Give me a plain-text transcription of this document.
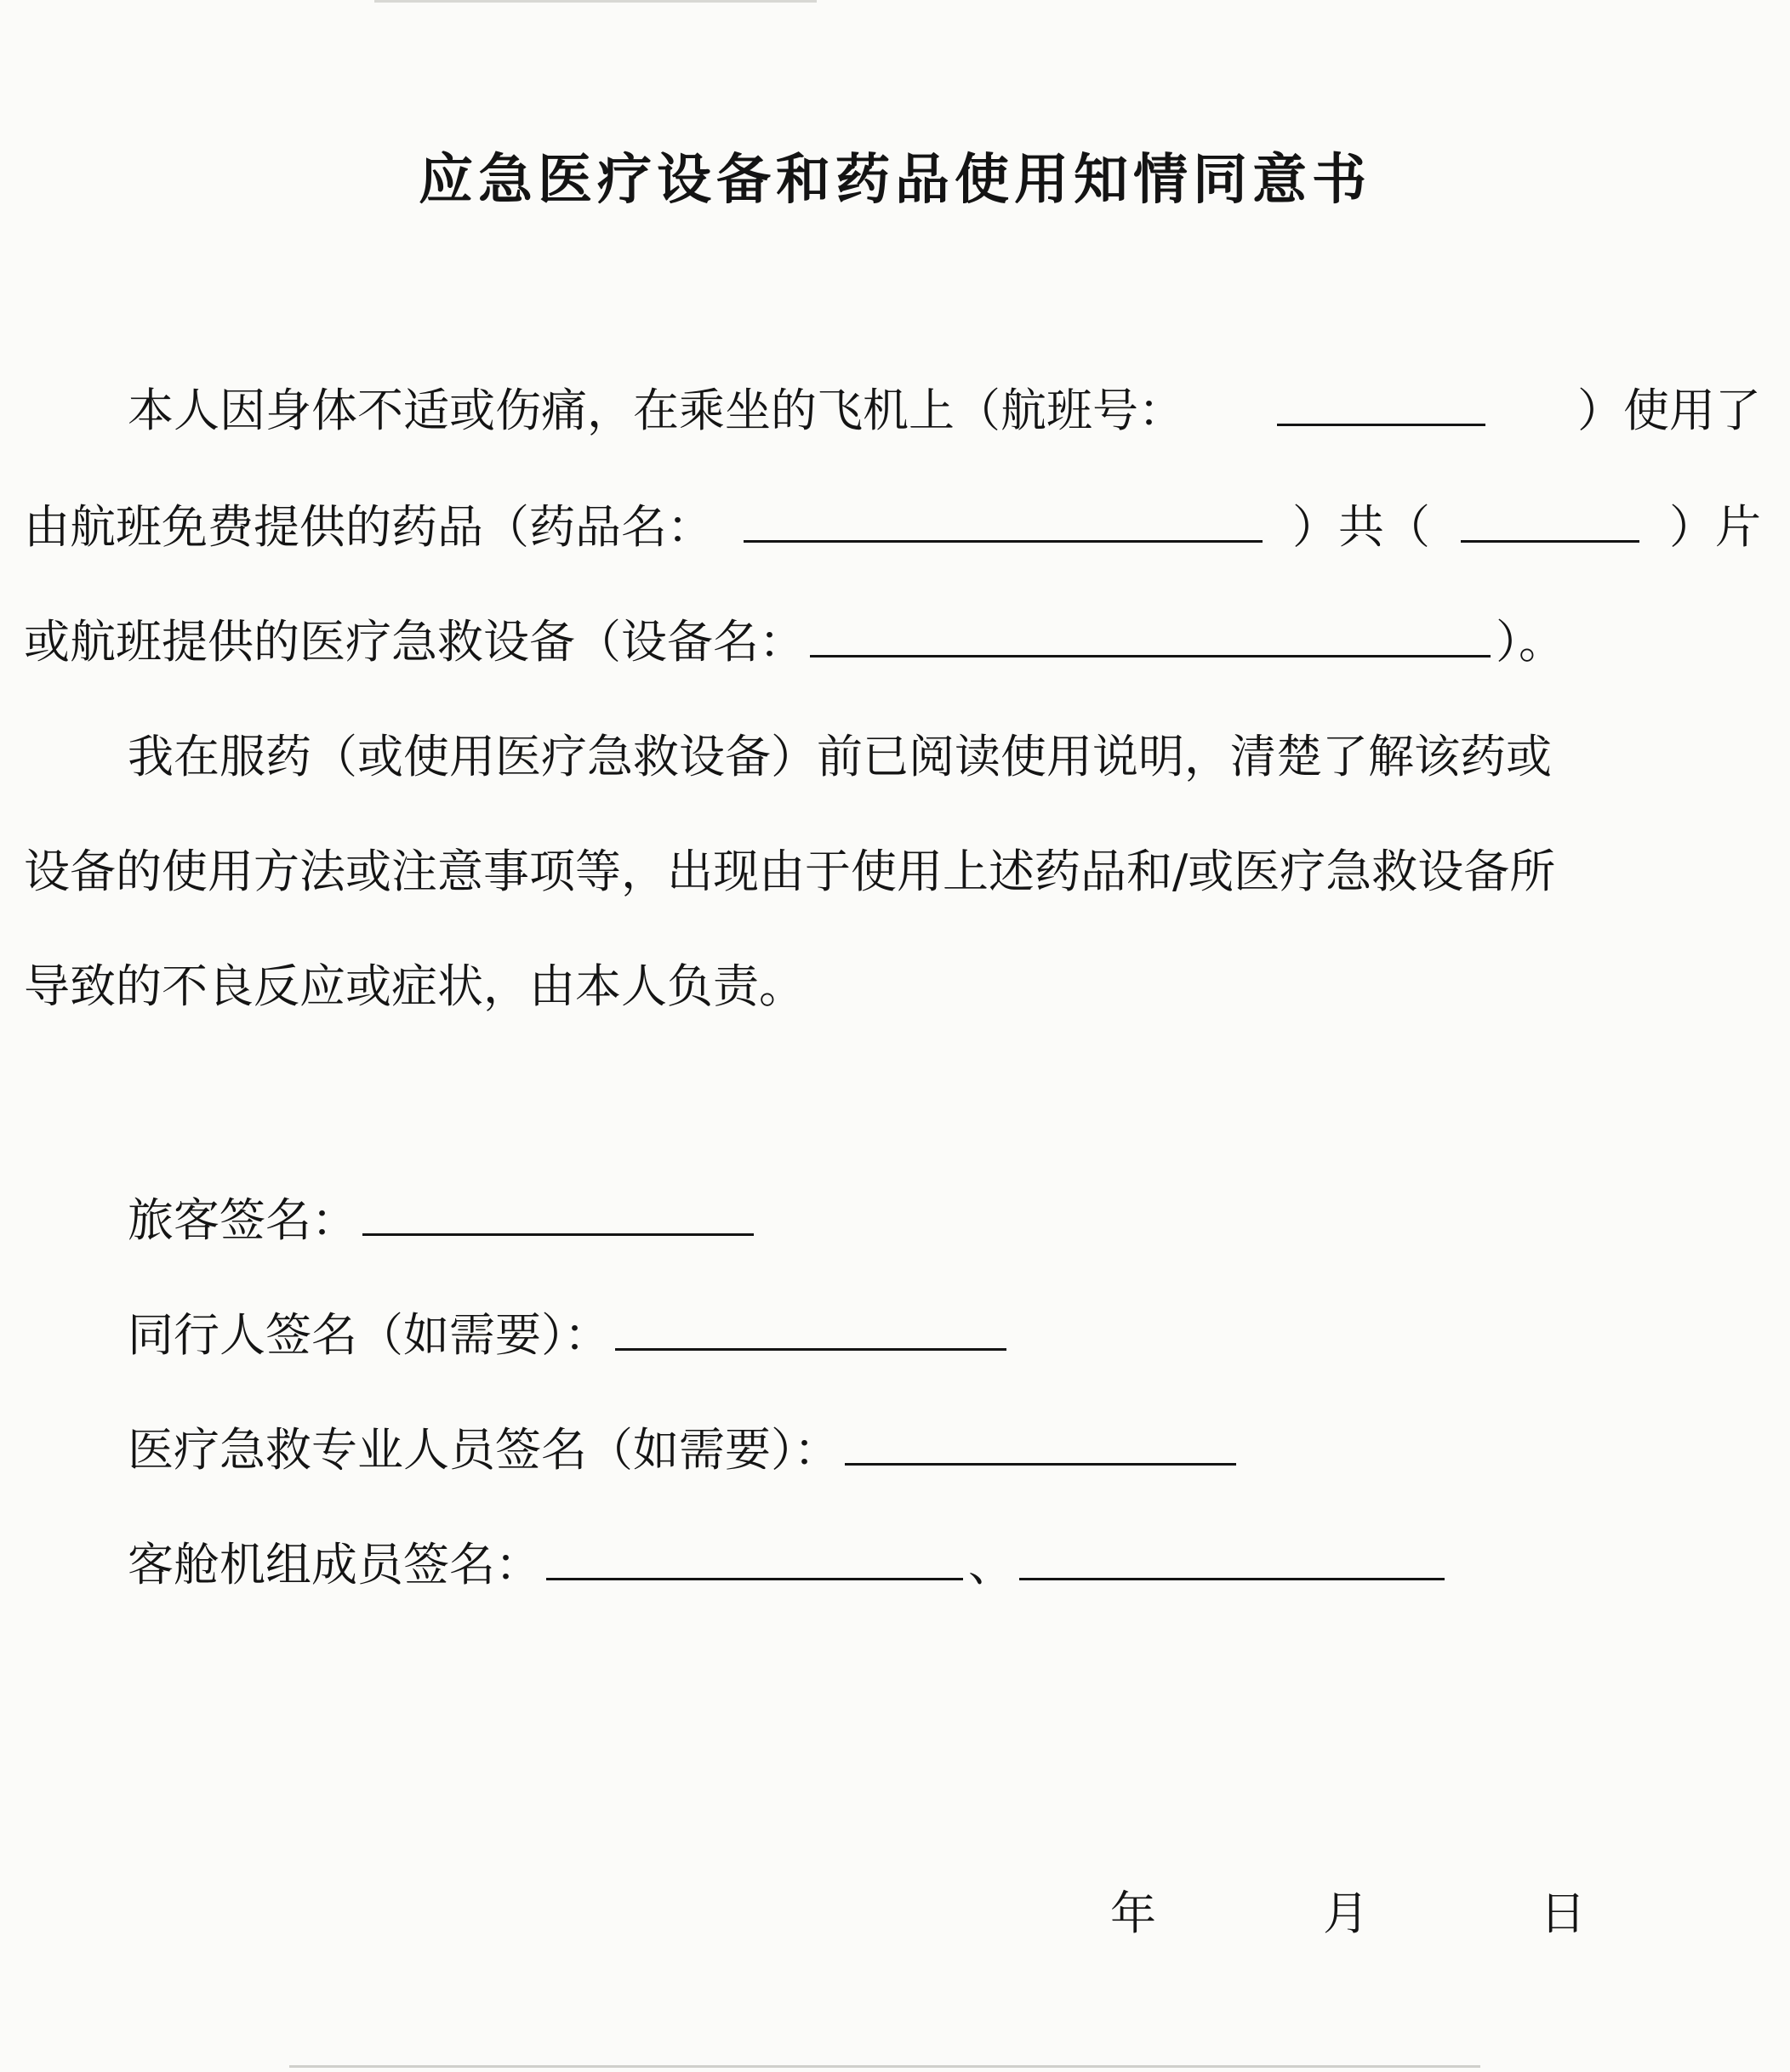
应急医疗设备和药品使用知情同意书
本人因身体不适或伤痛，在乘坐的飞机上（航班号：	）使用了
由航班免费提供的药品（药品名：	）共（	）片
或航班提供的医疗急救设备（设备名：	）。
我在服药（或使用医疗急救设备）前已阅读使用说明，清楚了解该药或
设备的使用方法或注意事项等，出现由于使用上述药品和/或医疗急救设备所
导致的不良反应或症状，由本人负责。
旅客签名：
同行人签名（如需要）：
医疗急救专业人员签名（如需要）：
客舱机组成员签名：	、
年	月	日
